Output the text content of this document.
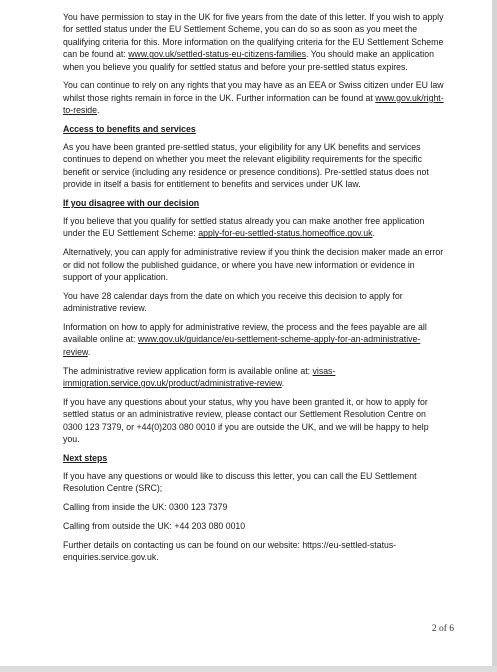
You have permission to stay in the UK for five years from the date of this letter. If you wish to apply for settled status under the EU Settlement Scheme, you can do so as soon as you meet the qualifying criteria for this. More information on the qualifying criteria for the EU Settlement Scheme can be found at: www.gov.uk/settled-status-eu-citizens-families. You should make an application when you believe you qualify for settled status and before your pre-settled status expires.

You can continue to rely on any rights that you may have as an EEA or Swiss citizen under EU law whilst those rights remain in force in the UK. Further information can be found at www.gov.uk/right-to-reside.

Access to benefits and services

As you have been granted pre-settled status, your eligibility for any UK benefits and services continues to depend on whether you meet the relevant eligibility requirements for the specific benefit or service (including any residence or presence conditions). Pre-settled status does not provide in itself a basis for entitlement to benefits and services under UK law.

If you disagree with our decision

If you believe that you qualify for settled status already you can make another free application under the EU Settlement Scheme: apply-for-eu-settled-status.homeoffice.gov.uk.

Alternatively, you can apply for administrative review if you think the decision maker made an error or did not follow the published guidance, or where you have new information or evidence in support of your application.

You have 28 calendar days from the date on which you receive this decision to apply for administrative review.

Information on how to apply for administrative review, the process and the fees payable are all available online at: www.gov.uk/guidance/eu-settlement-scheme-apply-for-an-administrative-review.

The administrative review application form is available online at: visas-immigration.service.gov.uk/product/administrative-review.

If you have any questions about your status, why you have been granted it, or how to apply for settled status or an administrative review, please contact our Settlement Resolution Centre on 0300 123 7379, or +44(0)203 080 0010 if you are outside the UK, and we will be happy to help you.

Next steps

If you have any questions or would like to discuss this letter, you can call the EU Settlement Resolution Centre (SRC);

Calling from inside the UK: 0300 123 7379

Calling from outside the UK: +44 203 080 0010

Further details on contacting us can be found on our website: https://eu-settled-status-enquiries.service.gov.uk.

2 of 6
